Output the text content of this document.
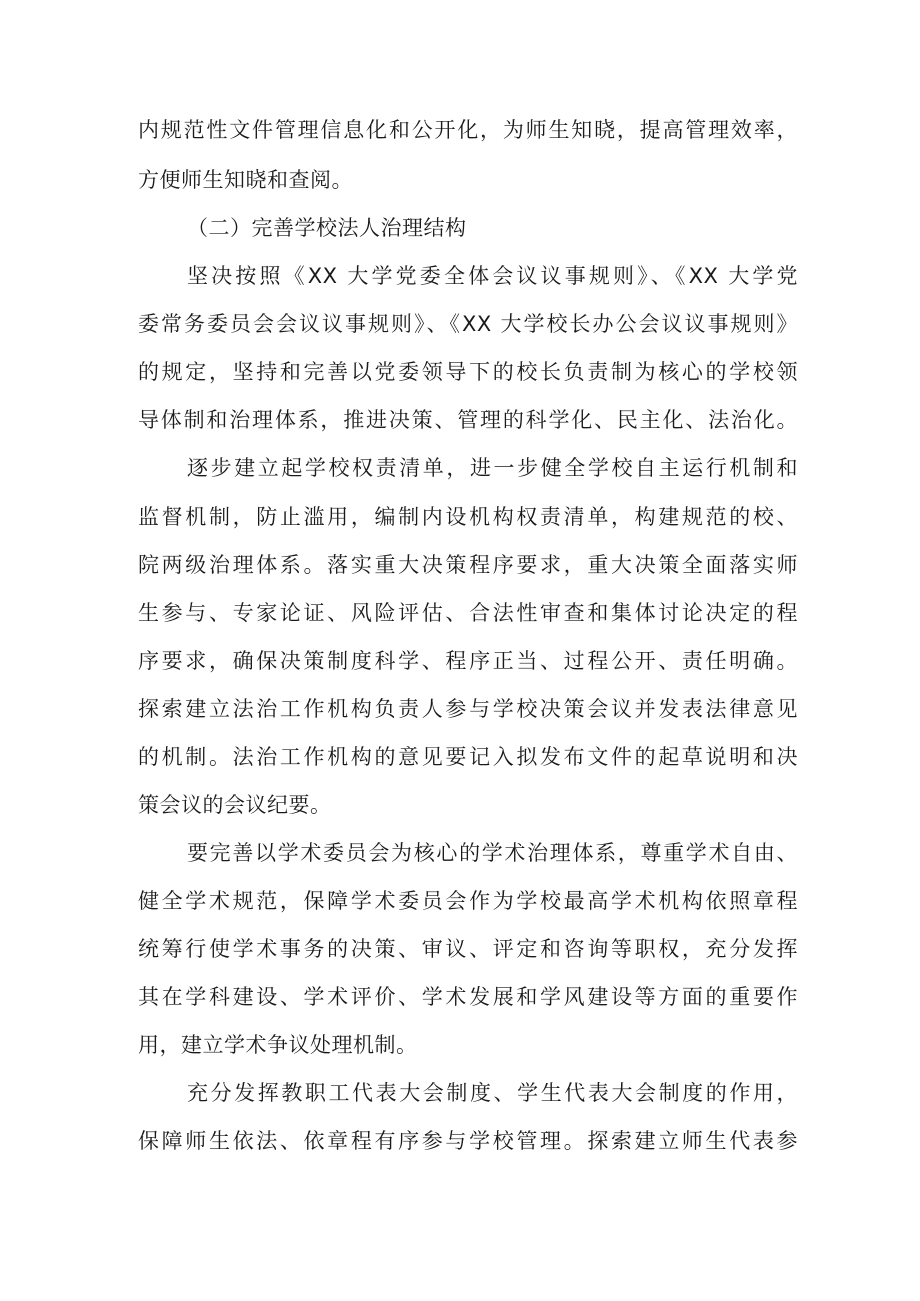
内规范性文件管理信息化和公开化，为师生知晓，提高管理效率，
方便师生知晓和查阅。
（二）完善学校法人治理结构
坚决按照《XX 大学党委全体会议议事规则》、《XX 大学党
委常务委员会会议议事规则》、《XX 大学校长办公会议议事规则》
的规定，坚持和完善以党委领导下的校长负责制为核心的学校领
导体制和治理体系，推进决策、管理的科学化、民主化、法治化。
逐步建立起学校权责清单，进一步健全学校自主运行机制和
监督机制，防止滥用，编制内设机构权责清单，构建规范的校、
院两级治理体系。落实重大决策程序要求，重大决策全面落实师
生参与、专家论证、风险评估、合法性审查和集体讨论决定的程
序要求，确保决策制度科学、程序正当、过程公开、责任明确。
探索建立法治工作机构负责人参与学校决策会议并发表法律意见
的机制。法治工作机构的意见要记入拟发布文件的起草说明和决
策会议的会议纪要。
要完善以学术委员会为核心的学术治理体系，尊重学术自由、
健全学术规范，保障学术委员会作为学校最高学术机构依照章程
统筹行使学术事务的决策、审议、评定和咨询等职权，充分发挥
其在学科建设、学术评价、学术发展和学风建设等方面的重要作
用，建立学术争议处理机制。
充分发挥教职工代表大会制度、学生代表大会制度的作用，
保障师生依法、依章程有序参与学校管理。探索建立师生代表参
